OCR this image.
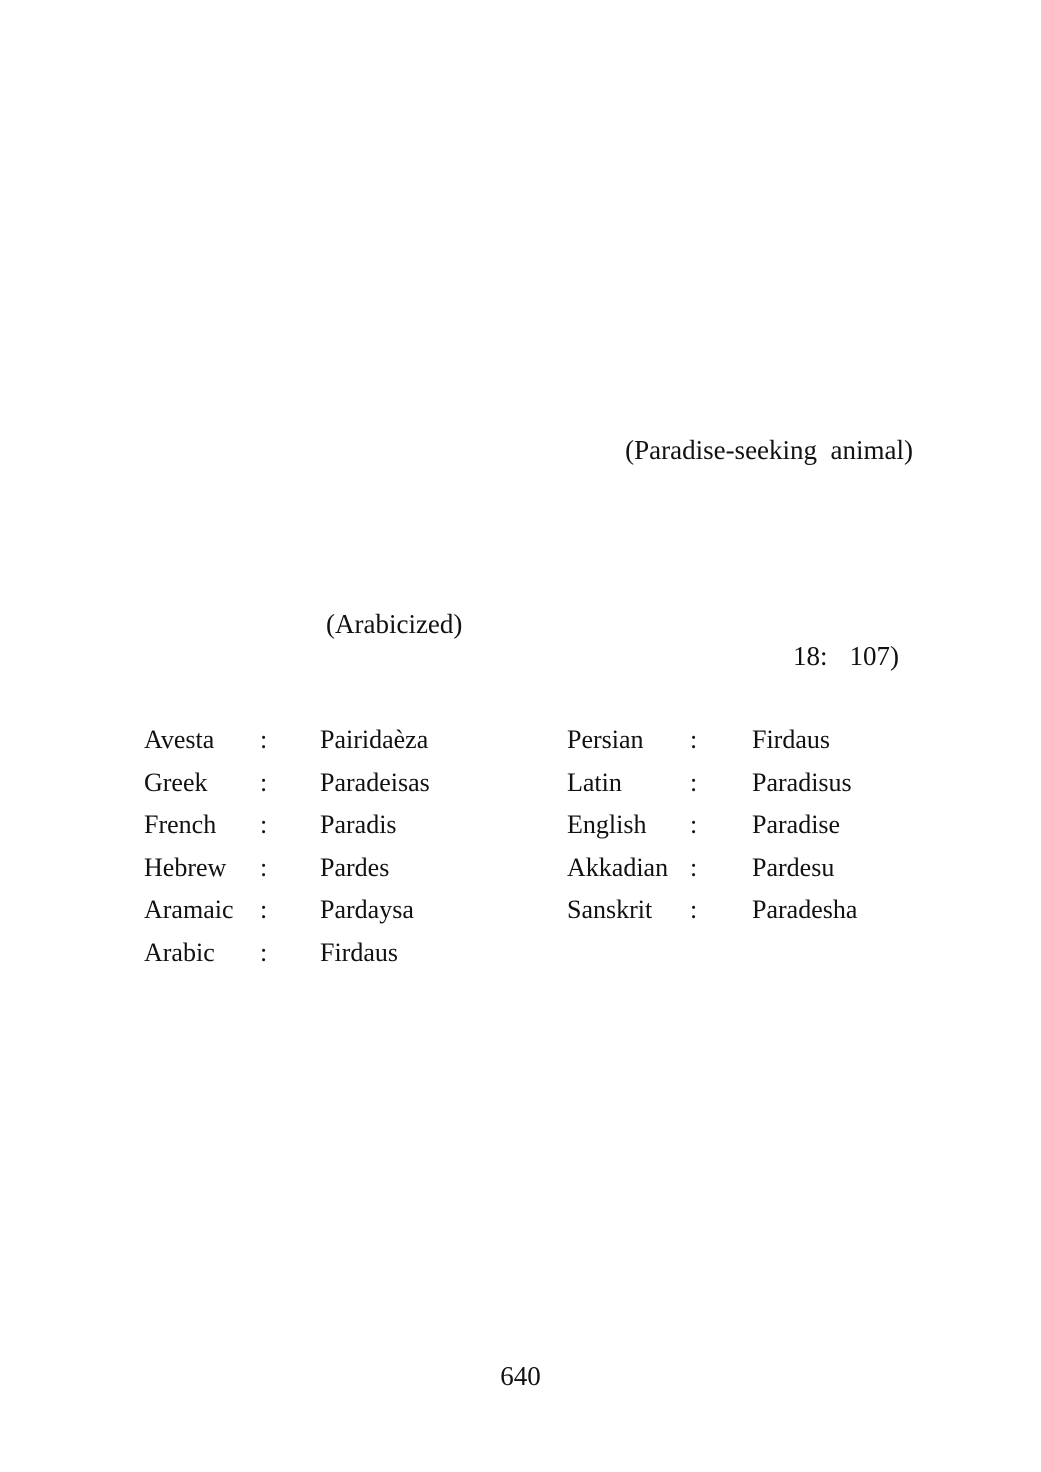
(Paradise-seeking  animal)
(Arabicized)

18: 107)

Avesta : Pairidaèza	Persian : Firdaus
Greek : Paradeisas	Latin	: Paradisus
French : Paradis	English : Paradise
Hebrew : Pardes	Akkadian : Pardesu
Aramaic : Pardaysa	Sanskrit : Paradesha
Arabic : Firdaus
640
